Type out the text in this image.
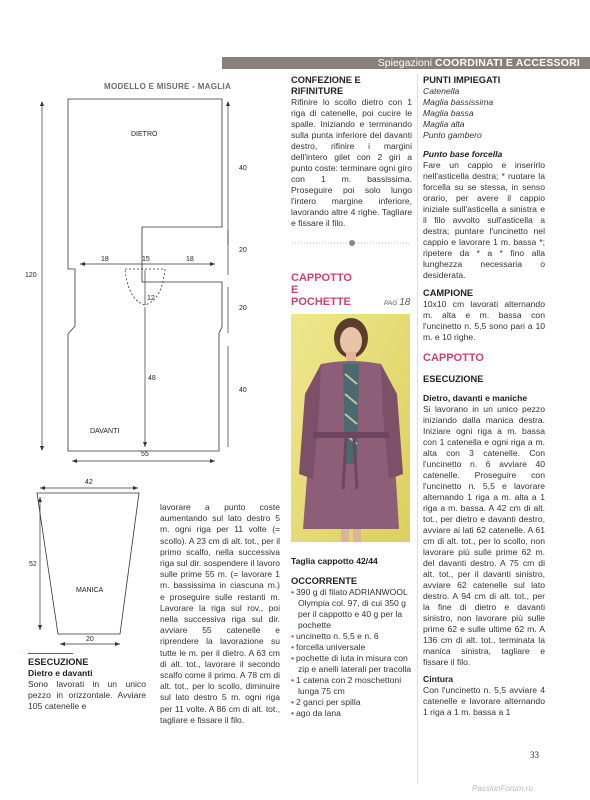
Spiegazioni COORDINATI E ACCESSORI
MODELLO E MISURE - MAGLIA
DIETRO
DAVANTI
MANICA
120
40
20
20
40
18	15	18
12
48
55
42
52
20
ESECUZIONE
Dietro e davanti
Sono lavorati in un unico pezzo in orizzontale. Avviare 105 catenelle e
lavorare a punto coste aumentando sul lato destro 5 m. ogni riga per 11 volte (= scollo). A 23 cm di alt. tot., per il primo scalfo, nella successiva riga sul dir. sospendere il lavoro sulle prime 55 m. (= lavorare 1 m. bassissima in ciascuna m.) e proseguire sulle restanti m. Lavorare la riga sul rov., poi nella successiva riga sul dir. avviare 55 catenelle e riprendere la lavorazione su tutte le m. per il dietro. A 63 cm di alt. tot., lavorare il secondo scalfo come il primo. A 78 cm di alt. tot., per lo scollo, diminuire sul lato destro 5 m. ogni riga per 11 volte. A 86 cm di alt. tot., tagliare e fissare il filo.
CONFEZIONE E RIFINITURE
Rifinire lo scollo dietro con 1 riga di catenelle, poi cucire le spalle. Iniziando e terminando sulla punta inferiore del davanti destro, rifinire i margini dell'intero gilet con 2 giri a punto coste: terminare ogni giro con 1 m. bassissima. Proseguire poi solo lungo l'intero margine inferiore, lavorando altre 4 righe. Tagliare e fissare il filo.
CAPPOTTO E POCHETTE	PAG 18
Taglia cappotto 42/44
OCCORRENTE
• 390 g di filato ADRIANWOOL Olympia col. 97, di cui 350 g per il cappotto e 40 g per la pochette
• uncinetto n. 5,5 e n. 6
• forcella universale
• pochette di iuta in misura con zip e anelli laterali per tracolla
• 1 catena con 2 moschettoni lunga 75 cm
• 2 ganci per spilla
• ago da lana
PUNTI IMPIEGATI
Catenella
Maglia bassissima
Maglia bassa
Maglia alta
Punto gambero
Punto base forcella
Fare un cappio e inserirlo nell'asticella destra; * ruotare la forcella su se stessa, in senso orario, per avere il cappio iniziale sull'asticella a sinistra e il filo avvolto sull'asticella a destra; puntare l'uncinetto nel cappio e lavorare 1 m. bassa *; ripetere da * a * fino alla lunghezza necessaria o desiderata.
CAMPIONE
10x10 cm lavorati alternando m. alta e m. bassa con l'uncinetto n. 5,5 sono pari a 10 m. e 10 righe.
CAPPOTTO
ESECUZIONE
Dietro, davanti e maniche
Si lavorano in un unico pezzo iniziando dalla manica destra. Iniziare ogni riga a m. bassa con 1 catenella e ogni riga a m. alta con 3 catenelle. Con l'uncinetto n. 6 avviare 40 catenelle. Proseguire con l'uncinetto n. 5,5 e lavorare alternando 1 riga a m. alta a 1 riga a m. bassa. A 42 cm di alt. tot., per dietro e davanti destro, avviare ai lati 62 catenelle. A 61 cm di alt. tot., per lo scollo, non lavorare più sulle prime 62 m. del davanti destro. A 75 cm di alt. tot., per il davanti sinistro, avviare 62 catenelle sul lato destro. A 94 cm di alt. tot., per la fine di dietro e davanti sinistro, non lavorare più sulle prime 62 e sulle ultime 62 m. A 136 cm di alt. tot., terminata la manica sinistra, tagliare e fissare il filo.
Cintura
Con l'uncinetto n. 5,5 avviare 4 catenelle e lavorare alternando 1 riga a 1 m. bassa a 1
33
PassionForum.ru
